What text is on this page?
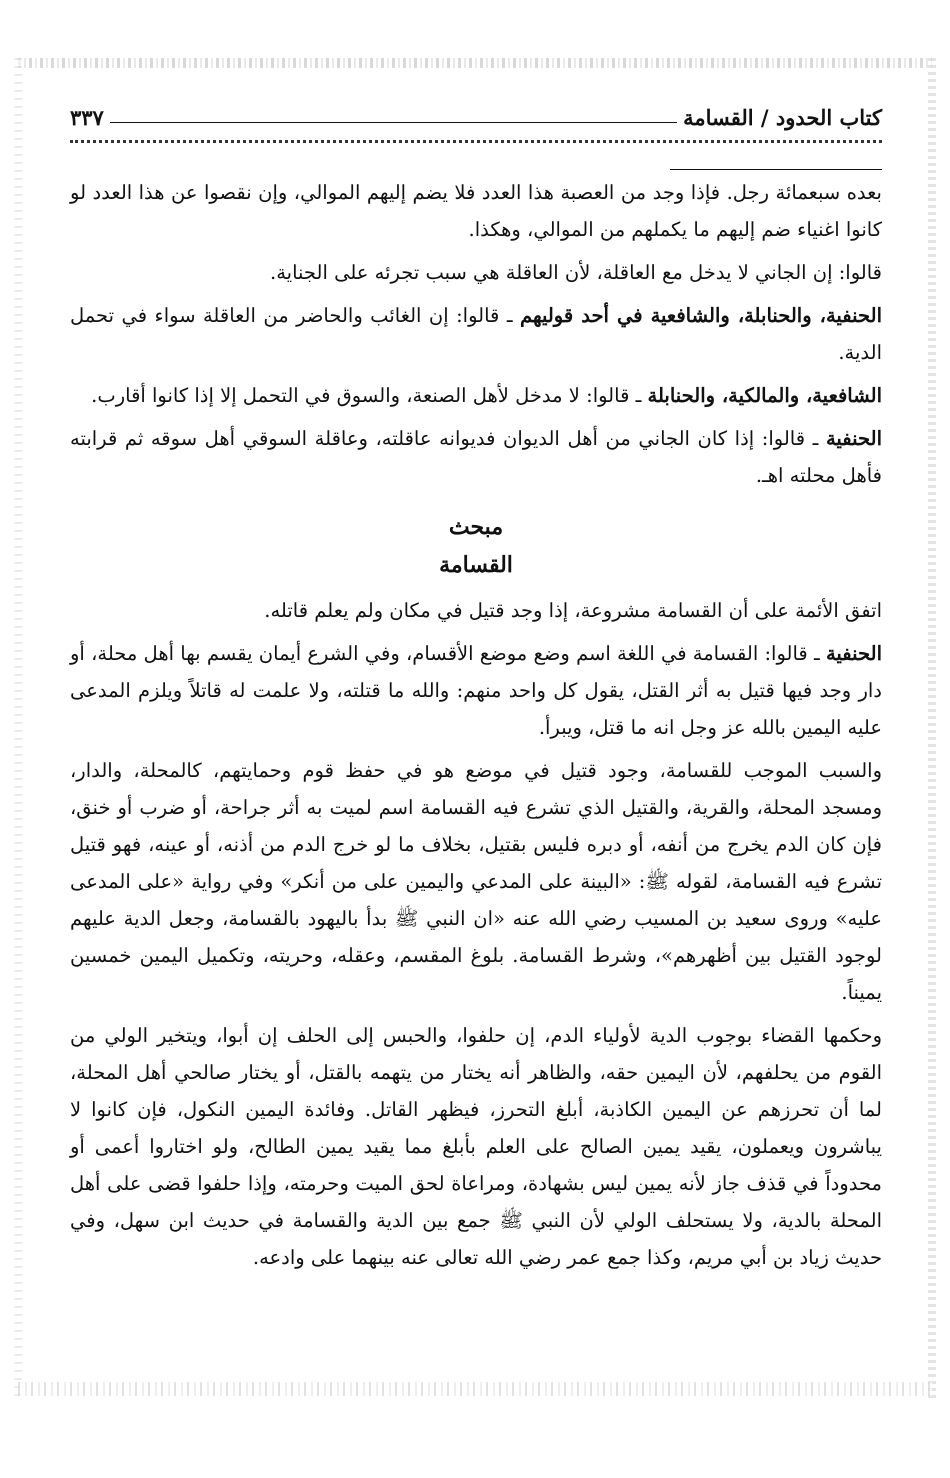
كتاب الحدود / القسامة
٣٣٧

بعده سبعمائة رجل. فإذا وجد من العصبة هذا العدد فلا يضم إليهم الموالي، وإن نقصوا عن هذا العدد لو كانوا اغنياء ضم إليهم ما يكملهم من الموالي، وهكذا.

قالوا: إن الجاني لا يدخل مع العاقلة، لأن العاقلة هي سبب تجرئه على الجناية.

الحنفية، والحنابلة، والشافعية في أحد قوليهم ـ قالوا: إن الغائب والحاضر من العاقلة سواء في تحمل الدية.

الشافعية، والمالكية، والحنابلة ـ قالوا: لا مدخل لأهل الصنعة، والسوق في التحمل إلا إذا كانوا أقارب.

الحنفية ـ قالوا: إذا كان الجاني من أهل الديوان فديوانه عاقلته، وعاقلة السوقي أهل سوقه ثم قرابته فأهل محلته اهـ.

مبحث
القسامة

اتفق الأئمة على أن القسامة مشروعة، إذا وجد قتيل في مكان ولم يعلم قاتله.

الحنفية ـ قالوا: القسامة في اللغة اسم وضع موضع الأقسام، وفي الشرع أيمان يقسم بها أهل محلة، أو دار وجد فيها قتيل به أثر القتل، يقول كل واحد منهم: والله ما قتلته، ولا علمت له قاتلاً ويلزم المدعى عليه اليمين بالله عز وجل انه ما قتل، ويبرأ.

والسبب الموجب للقسامة، وجود قتيل في موضع هو في حفظ قوم وحمايتهم، كالمحلة، والدار، ومسجد المحلة، والقرية، والقتيل الذي تشرع فيه القسامة اسم لميت به أثر جراحة، أو ضرب أو خنق، فإن كان الدم يخرج من أنفه، أو دبره فليس بقتيل، بخلاف ما لو خرج الدم من أذنه، أو عينه، فهو قتيل تشرع فيه القسامة، لقوله ﷺ: «البينة على المدعي واليمين على من أنكر» وفي رواية «على المدعى عليه» وروى سعيد بن المسيب رضي الله عنه «ان النبي ﷺ بدأ باليهود بالقسامة، وجعل الدية عليهم لوجود القتيل بين أظهرهم»، وشرط القسامة. بلوغ المقسم، وعقله، وحريته، وتكميل اليمين خمسين يميناً.

وحكمها القضاء بوجوب الدية لأولياء الدم، إن حلفوا، والحبس إلى الحلف إن أبوا، ويتخير الولي من القوم من يحلفهم، لأن اليمين حقه، والظاهر أنه يختار من يتهمه بالقتل، أو يختار صالحي أهل المحلة، لما أن تحرزهم عن اليمين الكاذبة، أبلغ التحرز، فيظهر القاتل. وفائدة اليمين النكول، فإن كانوا لا يباشرون ويعملون، يقيد يمين الصالح على العلم بأبلغ مما يقيد يمين الطالح، ولو اختاروا أعمى أو محدوداً في قذف جاز لأنه يمين ليس بشهادة، ومراعاة لحق الميت وحرمته، وإذا حلفوا قضى على أهل المحلة بالدية، ولا يستحلف الولي لأن النبي ﷺ جمع بين الدية والقسامة في حديث ابن سهل، وفي حديث زياد بن أبي مريم، وكذا جمع عمر رضي الله تعالى عنه بينهما على وادعه.
